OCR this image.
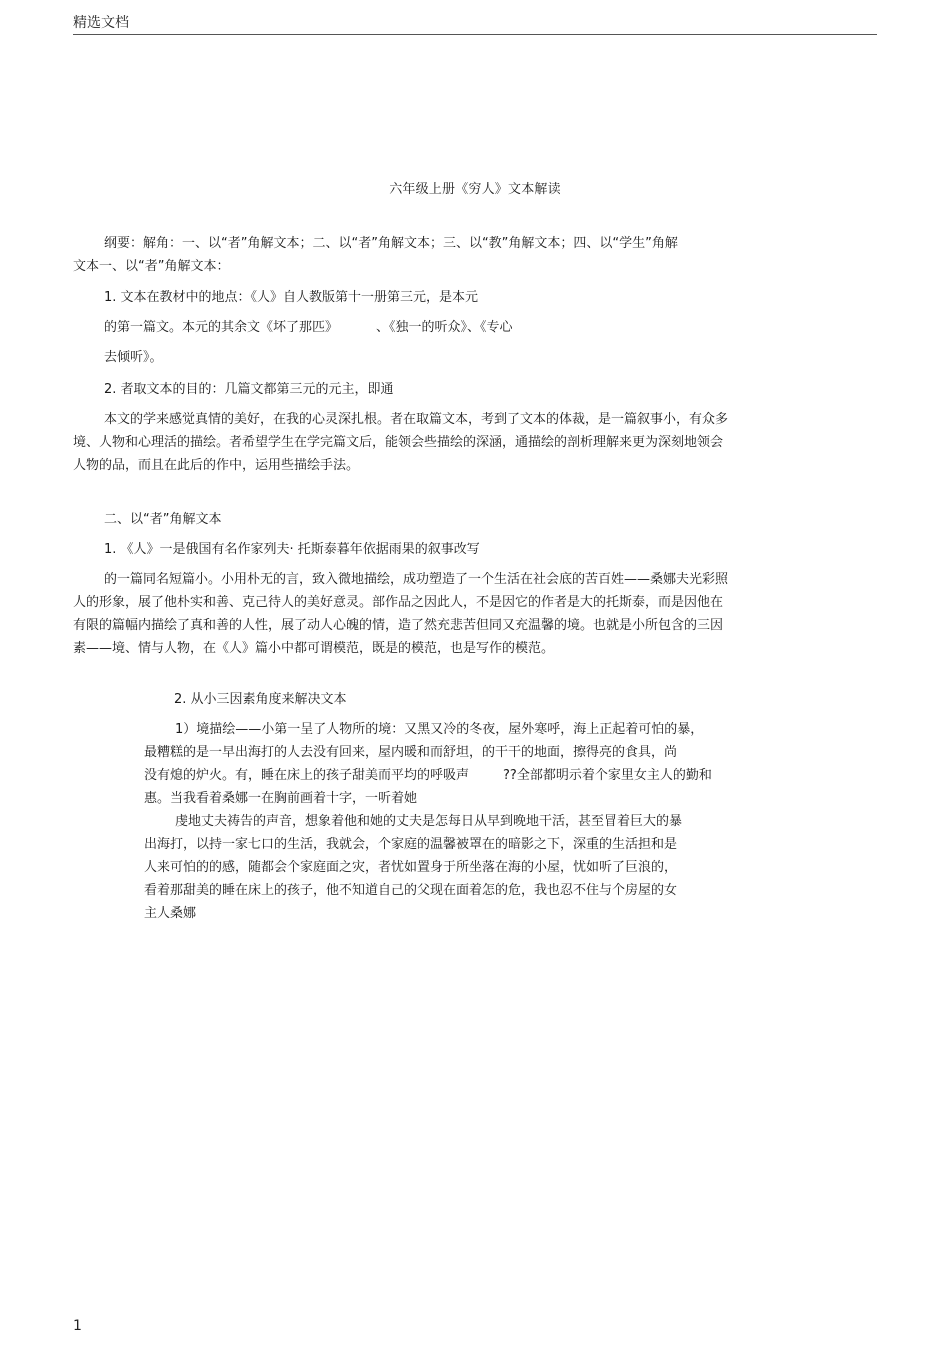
精选文档
六年级上册《穷人》文本解读
纲要：解角：一、以“者”角解文本；二、以“者”角解文本；三、以“教”角解文本；四、以“学生”角解
文本一、以“者”角解文本：
1. 文本在教材中的地点：《人》自人教版第十一册第三元，是本元
的第一篇文。本元的其余文《坏了那匹》	、《独一的听众》、《专心
去倾听》。
2. 者取文本的目的：几篇文都第三元的元主，即通
本文的学来感觉真情的美好，在我的心灵深扎根。者在取篇文本，考到了文本的体裁，是一篇叙事小，有众多
境、人物和心理活的描绘。者希望学生在学完篇文后，能领会些描绘的深涵，通描绘的剖析理解来更为深刻地领会
人物的品，而且在此后的作中，运用些描绘手法。
二、以“者”角解文本
1. 《人》一是俄国有名作家列夫· 托斯泰暮年依据雨果的叙事改写
的一篇同名短篇小。小用朴无的言，致入微地描绘，成功塑造了一个生活在社会底的苦百姓——桑娜夫光彩照
人的形象，展了他朴实和善、克己待人的美好意灵。部作品之因此人，不是因它的作者是大的托斯泰，而是因他在
有限的篇幅内描绘了真和善的人性，展了动人心魄的情，造了然充悲苦但同又充温馨的境。也就是小所包含的三因
素——境、情与人物，在《人》篇小中都可谓模范，既是的模范，也是写作的模范。
2. 从小三因素角度来解决文本
1）境描绘——小第一呈了人物所的境：又黑又冷的冬夜，屋外寒呼，海上正起着可怕的暴，
最糟糕的是一早出海打的人去没有回来，屋内暖和而舒坦，的干干的地面，擦得亮的食具，尚
没有熄的炉火。有，睡在床上的孩子甜美而平均的呼吸声	??全部都明示着个家里女主人的勤和
惠。当我看着桑娜一在胸前画着十字，一听着她
虔地丈夫祷告的声音，想象着他和她的丈夫是怎每日从早到晚地干活，甚至冒着巨大的暴
出海打，以持一家七口的生活，我就会，个家庭的温馨被罩在的暗影之下，深重的生活担和是
人来可怕的的感，随都会个家庭面之灾，者忧如置身于所坐落在海的小屋，忧如听了巨浪的，
看着那甜美的睡在床上的孩子，他不知道自己的父现在面着怎的危，我也忍不住与个房屋的女
主人桑娜
1
